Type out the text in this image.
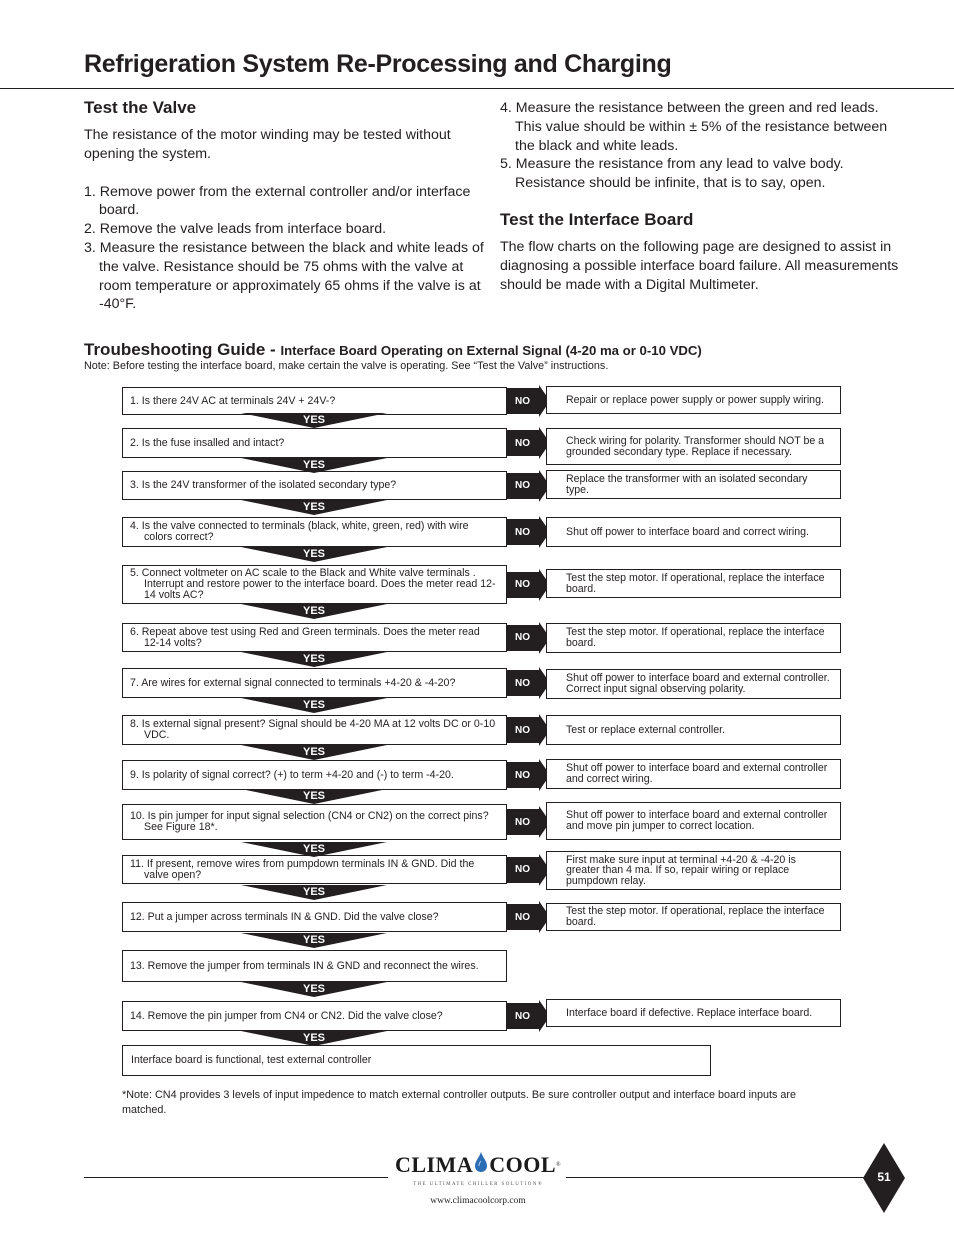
Refrigeration System Re-Processing and Charging
Test the Valve

The resistance of the motor winding may be tested without opening the system.

1. Remove power from the external controller and/or interface board.
2. Remove the valve leads from interface board.
3. Measure the resistance between the black and white leads of the valve. Resistance should be 75 ohms with the valve at room temperature or approximately 65 ohms if the valve is at -40°F.
4. Measure the resistance between the green and red leads. This value should be within ± 5% of the resistance between the black and white leads.
5. Measure the resistance from any lead to valve body. Resistance should be infinite, that is to say, open.
Test the Interface Board

The flow charts on the following page are designed to assist in diagnosing a possible interface board failure. All measurements should be made with a Digital Multimeter.

Troubeshooting Guide - Interface Board Operating on External Signal (4-20 ma or 0-10 VDC)
Note: Before testing the interface board, make certain the valve is operating. See “Test the Valve” instructions.
1. Is there 24V AC at terminals 24V + 24V-?
2. Is the fuse insalled and intact?
3. Is the 24V transformer of the isolated secondary type?
4. Is the valve connected to terminals (black, white, green, red) with wire colors correct?
5. Connect voltmeter on AC scale to the Black and White valve terminals . Interrupt and restore power to the interface board. Does the meter read 12-14 volts AC?
6. Repeat above test using Red and Green terminals. Does the meter read 12-14 volts?
7. Are wires for external signal connected to terminals +4-20 & -4-20?
8. Is external signal present? Signal should be 4-20 MA at 12 volts DC or 0-10 VDC.
9. Is polarity of signal correct? (+) to term +4-20 and (-) to term -4-20.
10. Is pin jumper for input signal selection (CN4 or CN2) on the correct pins? See Figure 18*.
11. If present, remove wires from pumpdown terminals IN & GND. Did the valve open?
12. Put a jumper across terminals IN & GND. Did the valve close?
13. Remove the jumper from terminals IN & GND and reconnect the wires.
14. Remove the pin jumper from CN4 or CN2. Did the valve close?
YES
YES
YES
YES
YES
YES
YES
YES
YES
YES
YES
YES
YES
YES
NO	Repair or replace power supply or power supply wiring.
NO	Check wiring for polarity. Transformer should NOT be a grounded secondary type. Replace if necessary.
NO
Replace the transformer with an isolated secondary type.
NO	Shut off power to interface board and correct wiring.
NO
Test the step motor. If operational, replace the interface board.
NO	Test the step motor. If operational, replace the interface board.
NO	Shut off power to interface board and external controller. Correct input signal observing polarity.
NO	Test or replace external controller.
NO
Shut off power to interface board and external controller and correct wiring.
NO
Shut off power to interface board and external controller and move pin jumper to correct location.
NO
First make sure input at terminal +4-20 & -4-20 is greater than 4 ma. If so, repair wiring or replace pumpdown relay.
NO	Test the step motor. If operational, replace the interface board.
NO	Interface board if defective. Replace interface board.
Interface board is functional, test external controller
*Note: CN4 provides 3 levels of input impedence to match external controller outputs. Be sure controller output and interface board inputs are matched.
CLIMA COOL ®
THE ULTIMATE CHILLER SOLUTION®
www.climacoolcorp.com
51
